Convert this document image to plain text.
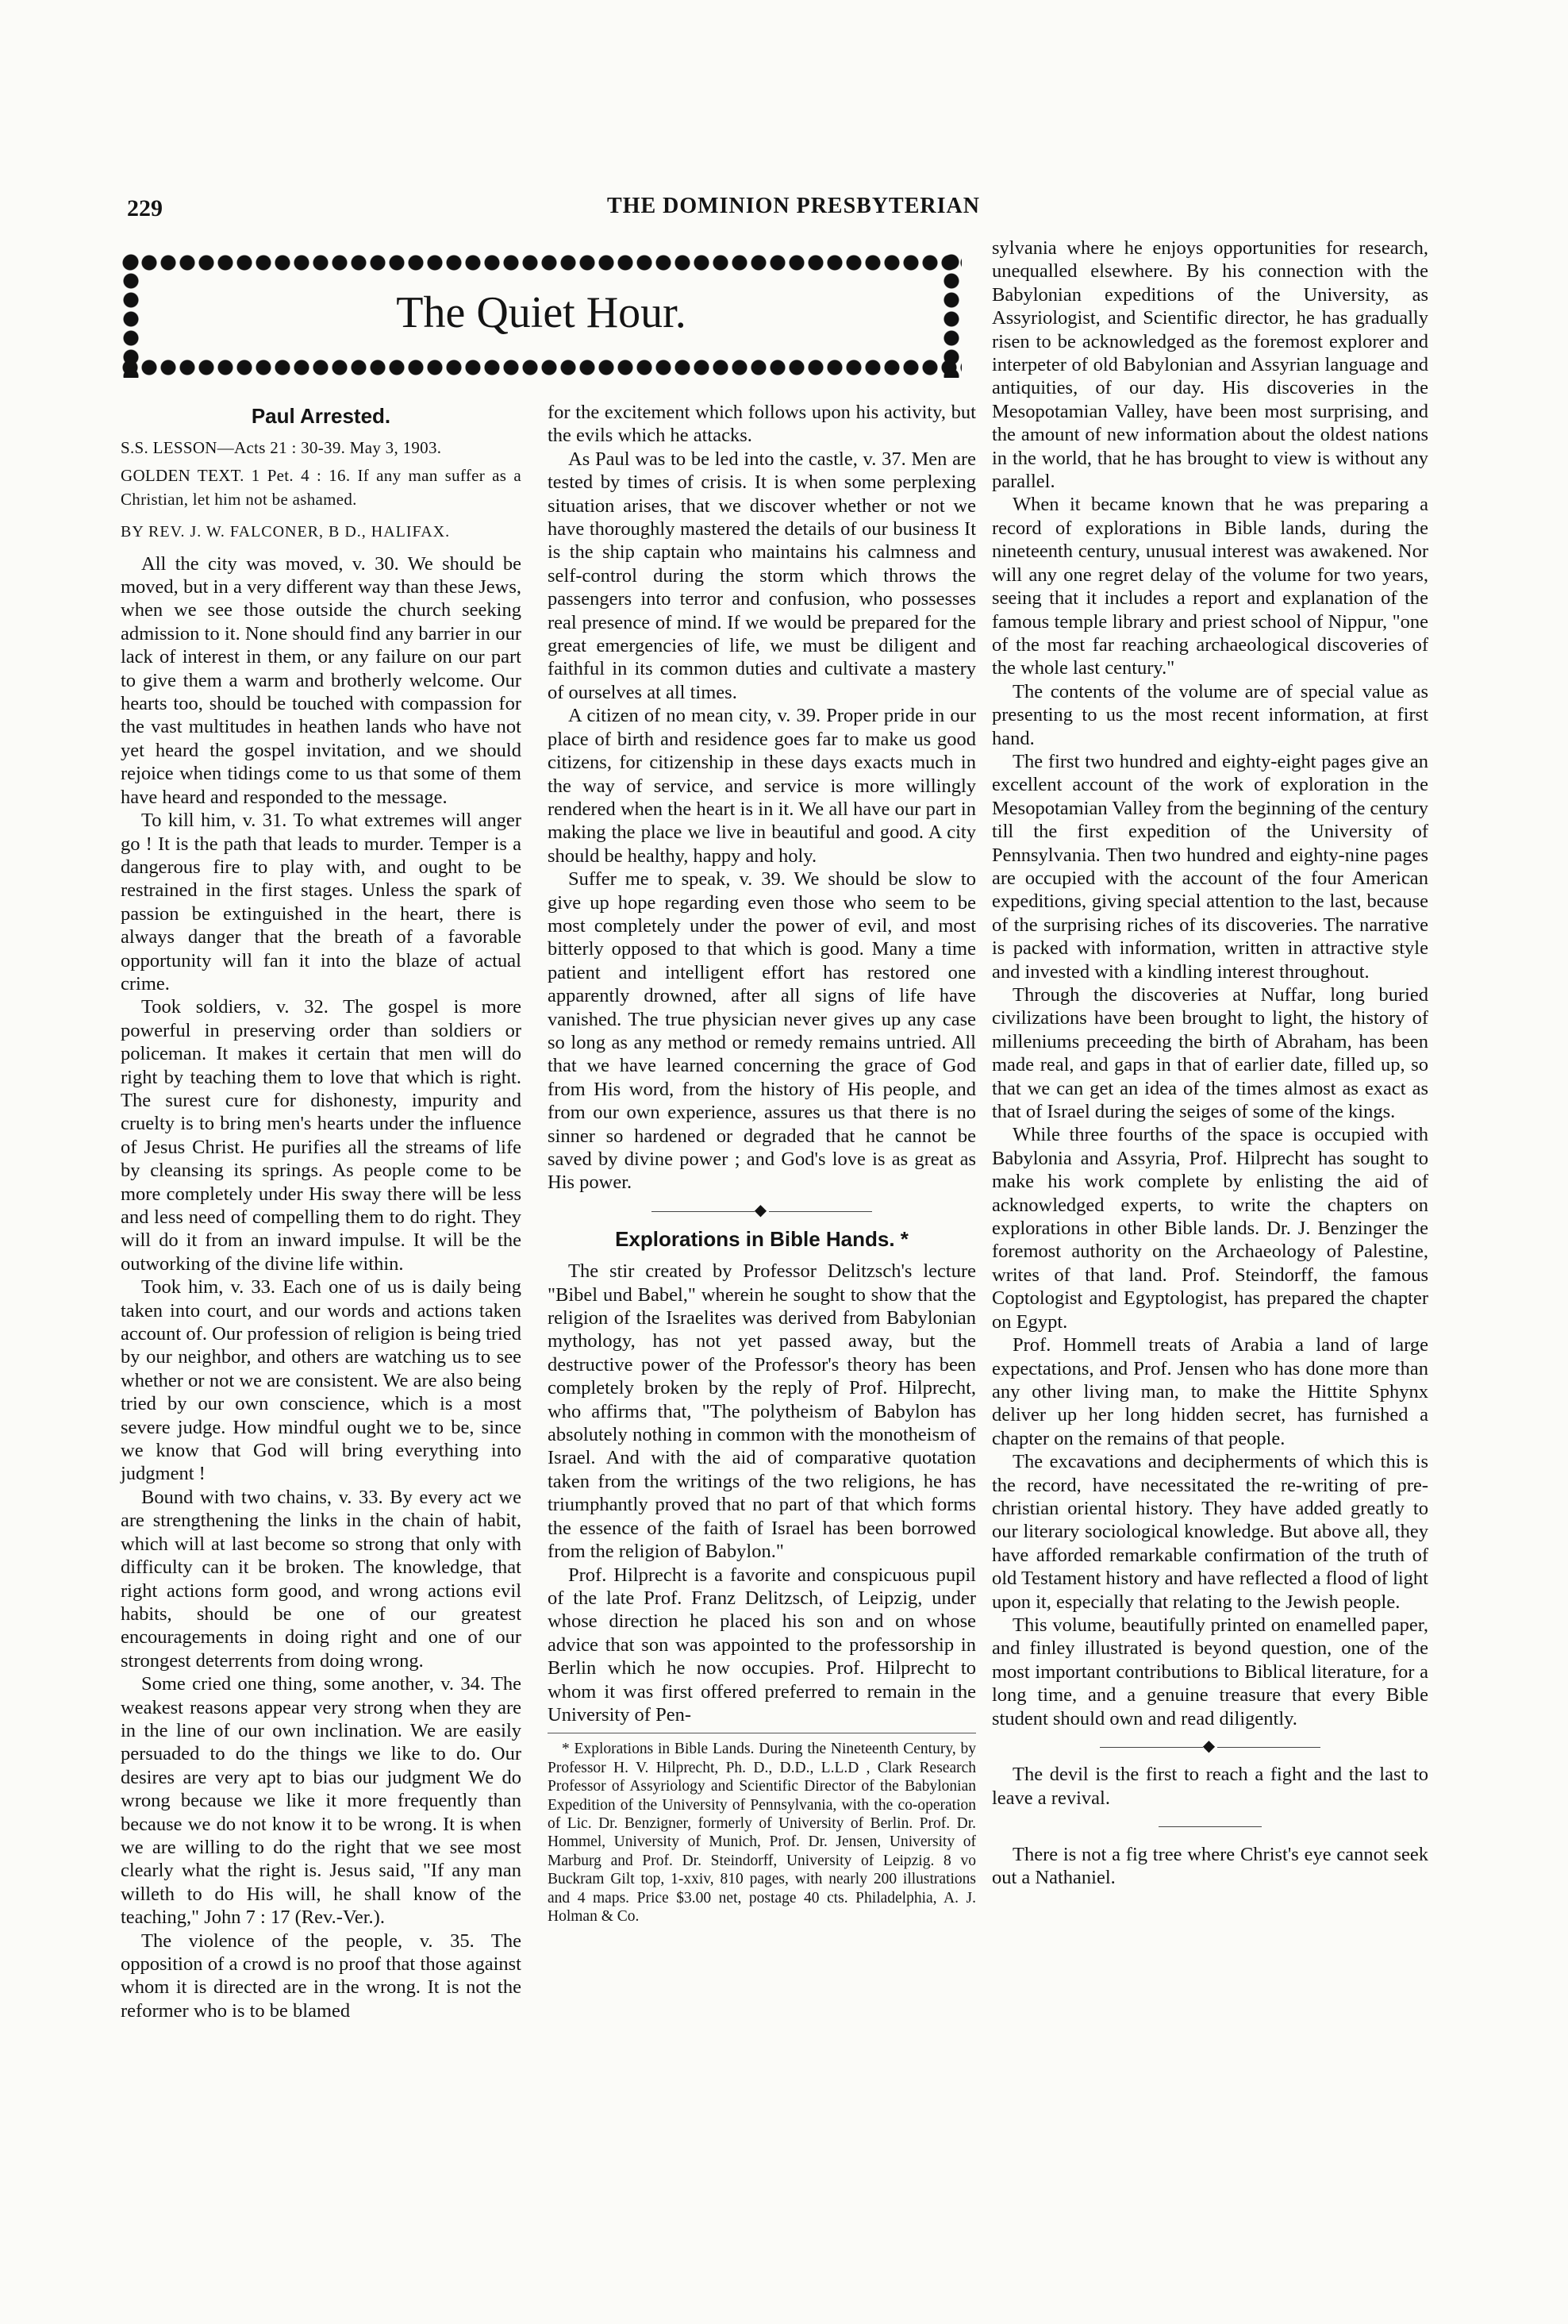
229	THE DOMINION PRESBYTERIAN
The Quiet Hour.
Paul Arrested.

S.S. LESSON—Acts 21 : 30-39. May 3, 1903.

GOLDEN TEXT. 1 Pet. 4 : 16. If any man suffer as a Christian, let him not be ashamed.

BY REV. J. W. FALCONER, B D., HALIFAX.

All the city was moved, v. 30. We should be moved, but in a very different way than these Jews, when we see those outside the church seeking admission to it. None should find any barrier in our lack of interest in them, or any failure on our part to give them a warm and brotherly welcome. Our hearts too, should be touched with compassion for the vast multitudes in heathen lands who have not yet heard the gospel invitation, and we should rejoice when tidings come to us that some of them have heard and responded to the message.

To kill him, v. 31. To what extremes will anger go ! It is the path that leads to murder. Temper is a dangerous fire to play with, and ought to be restrained in the first stages. Unless the spark of passion be extinguished in the heart, there is always danger that the breath of a favorable opportunity will fan it into the blaze of actual crime.

Took soldiers, v. 32. The gospel is more powerful in preserving order than soldiers or policeman. It makes it certain that men will do right by teaching them to love that which is right. The surest cure for dishonesty, impurity and cruelty is to bring men's hearts under the influence of Jesus Christ. He purifies all the streams of life by cleansing its springs. As people come to be more completely under His sway there will be less and less need of compelling them to do right. They will do it from an inward impulse. It will be the outworking of the divine life within.

Took him, v. 33. Each one of us is daily being taken into court, and our words and actions taken account of. Our profession of religion is being tried by our neighbor, and others are watching us to see whether or not we are consistent. We are also being tried by our own conscience, which is a most severe judge. How mindful ought we to be, since we know that God will bring everything into judgment !

Bound with two chains, v. 33. By every act we are strengthening the links in the chain of habit, which will at last become so strong that only with difficulty can it be broken. The knowledge, that right actions form good, and wrong actions evil habits, should be one of our greatest encouragements in doing right and one of our strongest deterrents from doing wrong.

Some cried one thing, some another, v. 34. The weakest reasons appear very strong when they are in the line of our own inclination. We are easily persuaded to do the things we like to do. Our desires are very apt to bias our judgment We do wrong because we like it more frequently than because we do not know it to be wrong. It is when we are willing to do the right that we see most clearly what the right is. Jesus said, "If any man willeth to do His will, he shall know of the teaching," John 7 : 17 (Rev.-Ver.).

The violence of the people, v. 35. The opposition of a crowd is no proof that those against whom it is directed are in the wrong. It is not the reformer who is to be blamed

for the excitement which follows upon his activity, but the evils which he attacks.

As Paul was to be led into the castle, v. 37. Men are tested by times of crisis. It is when some perplexing situation arises, that we discover whether or not we have thoroughly mastered the details of our business It is the ship captain who maintains his calmness and self-control during the storm which throws the passengers into terror and confusion, who possesses real presence of mind. If we would be prepared for the great emergencies of life, we must be diligent and faithful in its common duties and cultivate a mastery of ourselves at all times.

A citizen of no mean city, v. 39. Proper pride in our place of birth and residence goes far to make us good citizens, for citizenship in these days exacts much in the way of service, and service is more willingly rendered when the heart is in it. We all have our part in making the place we live in beautiful and good. A city should be healthy, happy and holy.

Suffer me to speak, v. 39. We should be slow to give up hope regarding even those who seem to be most completely under the power of evil, and most bitterly opposed to that which is good. Many a time patient and intelligent effort has restored one apparently drowned, after all signs of life have vanished. The true physician never gives up any case so long as any method or remedy remains untried. All that we have learned concerning the grace of God from His word, from the history of His people, and from our own experience, assures us that there is no sinner so hardened or degraded that he cannot be saved by divine power ; and God's love is as great as His power.

◆
Explorations in Bible Hands. *

The stir created by Professor Delitzsch's lecture "Bibel und Babel," wherein he sought to show that the religion of the Israelites was derived from Babylonian mythology, has not yet passed away, but the destructive power of the Professor's theory has been completely broken by the reply of Prof. Hilprecht, who affirms that, "The polytheism of Babylon has absolutely nothing in common with the monotheism of Israel. And with the aid of comparative quotation taken from the writings of the two religions, he has triumphantly proved that no part of that which forms the essence of the faith of Israel has been borrowed from the religion of Babylon."

Prof. Hilprecht is a favorite and conspicuous pupil of the late Prof. Franz Delitzsch, of Leipzig, under whose direction he placed his son and on whose advice that son was appointed to the professorship in Berlin which he now occupies. Prof. Hilprecht to whom it was first offered preferred to remain in the University of Pen-

* Explorations in Bible Lands. During the Nineteenth Century, by Professor H. V. Hilprecht, Ph. D., D.D., L.L.D , Clark Research Professor of Assyriology and Scientific Director of the Babylonian Expedition of the University of Pennsylvania, with the co-operation of Lic. Dr. Benzigner, formerly of University of Berlin. Prof. Dr. Hommel, University of Munich, Prof. Dr. Jensen, University of Marburg and Prof. Dr. Steindorff, University of Leipzig. 8 vo Buckram Gilt top, 1-xxiv, 810 pages, with nearly 200 illustrations and 4 maps. Price $3.00 net, postage 40 cts. Philadelphia, A. J. Holman & Co.

sylvania where he enjoys opportunities for research, unequalled elsewhere. By his connection with the Babylonian expeditions of the University, as Assyriologist, and Scientific director, he has gradually risen to be acknowledged as the foremost explorer and interpeter of old Babylonian and Assyrian language and antiquities, of our day. His discoveries in the Mesopotamian Valley, have been most surprising, and the amount of new information about the oldest nations in the world, that he has brought to view is without any parallel.

When it became known that he was preparing a record of explorations in Bible lands, during the nineteenth century, unusual interest was awakened. Nor will any one regret delay of the volume for two years, seeing that it includes a report and explanation of the famous temple library and priest school of Nippur, "one of the most far reaching archaeological discoveries of the whole last century."

The contents of the volume are of special value as presenting to us the most recent information, at first hand.

The first two hundred and eighty-eight pages give an excellent account of the work of exploration in the Mesopotamian Valley from the beginning of the century till the first expedition of the University of Pennsylvania. Then two hundred and eighty-nine pages are occupied with the account of the four American expeditions, giving special attention to the last, because of the surprising riches of its discoveries. The narrative is packed with information, written in attractive style and invested with a kindling interest throughout.

Through the discoveries at Nuffar, long buried civilizations have been brought to light, the history of milleniums preceeding the birth of Abraham, has been made real, and gaps in that of earlier date, filled up, so that we can get an idea of the times almost as exact as that of Israel during the seiges of some of the kings.

While three fourths of the space is occupied with Babylonia and Assyria, Prof. Hilprecht has sought to make his work complete by enlisting the aid of acknowledged experts, to write the chapters on explorations in other Bible lands. Dr. J. Benzinger the foremost authority on the Archaeology of Palestine, writes of that land. Prof. Steindorff, the famous Coptologist and Egyptologist, has prepared the chapter on Egypt.

Prof. Hommell treats of Arabia a land of large expectations, and Prof. Jensen who has done more than any other living man, to make the Hittite Sphynx deliver up her long hidden secret, has furnished a chapter on the remains of that people.

The excavations and decipherments of which this is the record, have necessitated the re-writing of pre-christian oriental history. They have added greatly to our literary sociological knowledge. But above all, they have afforded remarkable confirmation of the truth of old Testament history and have reflected a flood of light upon it, especially that relating to the Jewish people.

This volume, beautifully printed on enamelled paper, and finley illustrated is beyond question, one of the most important contributions to Biblical literature, for a long time, and a genuine treasure that every Bible student should own and read diligently.

◆

The devil is the first to reach a fight and the last to leave a revival.

There is not a fig tree where Christ's eye cannot seek out a Nathaniel.
